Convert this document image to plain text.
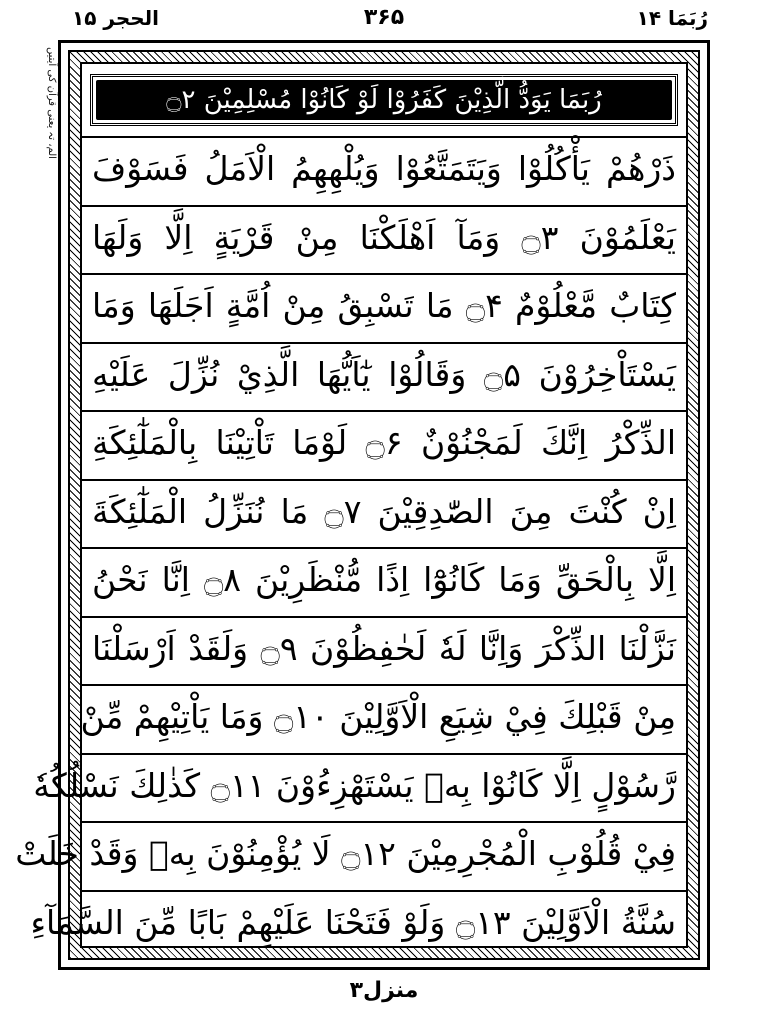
رُبَمَا ۱۴
۳۶۵
الحجر ۱۵
الم، تہ یعنی قرآن کی آیتیں	رُبَمَا يَوَدُّ الَّذِيْنَ كَفَرُوْا لَوْ كَانُوْا مُسْلِمِيْنَ ۝۲
ذَرْهُمْ يَأْكُلُوْا وَيَتَمَتَّعُوْا وَيُلْهِهِمُ الْاَمَلُ فَسَوْفَ
يَعْلَمُوْنَ ۝۳ وَمَآ اَهْلَكْنَا مِنْ قَرْيَةٍ اِلَّا وَلَهَا
كِتَابٌ مَّعْلُوْمٌ ۝۴ مَا تَسْبِقُ مِنْ اُمَّةٍ اَجَلَهَا وَمَا
يَسْتَاْخِرُوْنَ ۝۵ وَقَالُوْا يٰٓاَيُّهَا الَّذِيْ نُزِّلَ عَلَيْهِ
الذِّكْرُ اِنَّكَ لَمَجْنُوْنٌ ۝۶ لَوْمَا تَاْتِيْنَا بِالْمَلٰٓئِكَةِ
اِنْ كُنْتَ مِنَ الصّٰدِقِيْنَ ۝۷ مَا نُنَزِّلُ الْمَلٰٓئِكَةَ
اِلَّا بِالْحَقِّ وَمَا كَانُوْٓا اِذًا مُّنْظَرِيْنَ ۝۸ اِنَّا نَحْنُ
نَزَّلْنَا الذِّكْرَ وَاِنَّا لَهٗ لَحٰفِظُوْنَ ۝۹ وَلَقَدْ اَرْسَلْنَا
مِنْ قَبْلِكَ فِيْ شِيَعِ الْاَوَّلِيْنَ ۝۱۰ وَمَا يَاْتِيْهِمْ مِّنْ
رَّسُوْلٍ اِلَّا كَانُوْا بِهٖ يَسْتَهْزِءُوْنَ ۝۱۱ كَذٰلِكَ نَسْلُكُهٗ
فِيْ قُلُوْبِ الْمُجْرِمِيْنَ ۝۱۲ لَا يُؤْمِنُوْنَ بِهٖ وَقَدْ خَلَتْ
سُنَّةُ الْاَوَّلِيْنَ ۝۱۳ وَلَوْ فَتَحْنَا عَلَيْهِمْ بَابًا مِّنَ السَّمَآءِ
منزل۳
